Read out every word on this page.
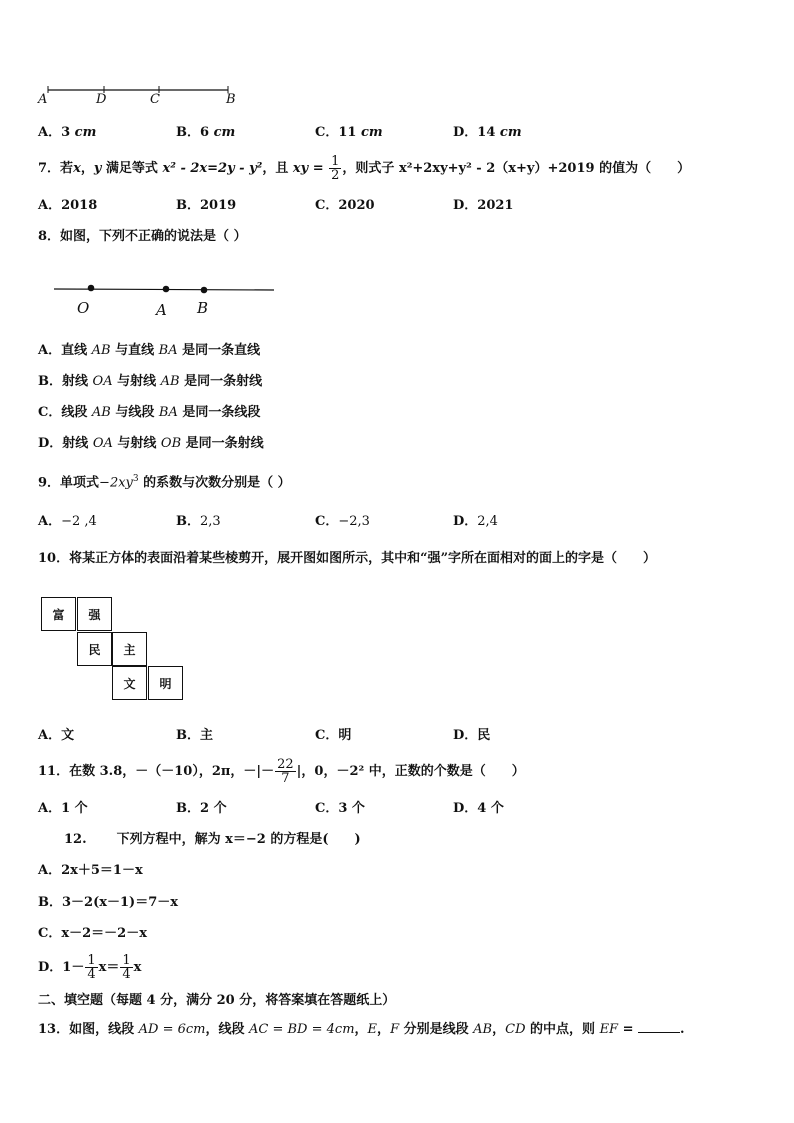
A	D	C	B
A．3 cm	B．6 cm	C．11 cm	D．14 cm
7．若x，y 满足等式 x² - 2x=2y - y²，且 xy = $\frac{1}{2}$ ，则式子 x²+2xy+y² - 2（x+y）+2019 的值为（　　）
A．2018	B．2019	C．2020	D．2021
8．如图，下列不正确的说法是（ ）
O	A B
A．直线 AB 与直线 BA 是同一条直线
B．射线 OA 与射线 AB 是同一条射线
C．线段 AB 与线段 BA 是同一条线段
D．射线 OA 与射线 OB 是同一条射线
9．单项式$-2xy^3$ 的系数与次数分别是（ ）
A．−2 ,4	B．2,3	C．−2,3	D．2,4
10．将某正方体的表面沿着某些棱剪开，展开图如图所示，其中和“强”字所在面相对的面上的字是（　　）
富	强
民	主
文	明
A．文	B．主	C．明	D．民
11．在数 3.8，－（－10），2π，－|－ $\frac{22}{7}$ |，0，－2² 中，正数的个数是（　　）
A．1 个	B．2 个	C．3 个	D．4 个
12. 下列方程中，解为 x＝−2 的方程是(　　)
A．2x＋5＝1－x
B．3－2(x－1)＝7－x
C．x－2＝－2－x
D．$1- \frac{1}{4} x= \frac{1}{4}$ x
二、填空题（每题 4 分，满分 20 分，将答案填在答题纸上）
13．如图，线段 AD = 6cm，线段 AC = BD = 4cm，E，F 分别是线段 AB，CD 的中点，则 EF =	.
